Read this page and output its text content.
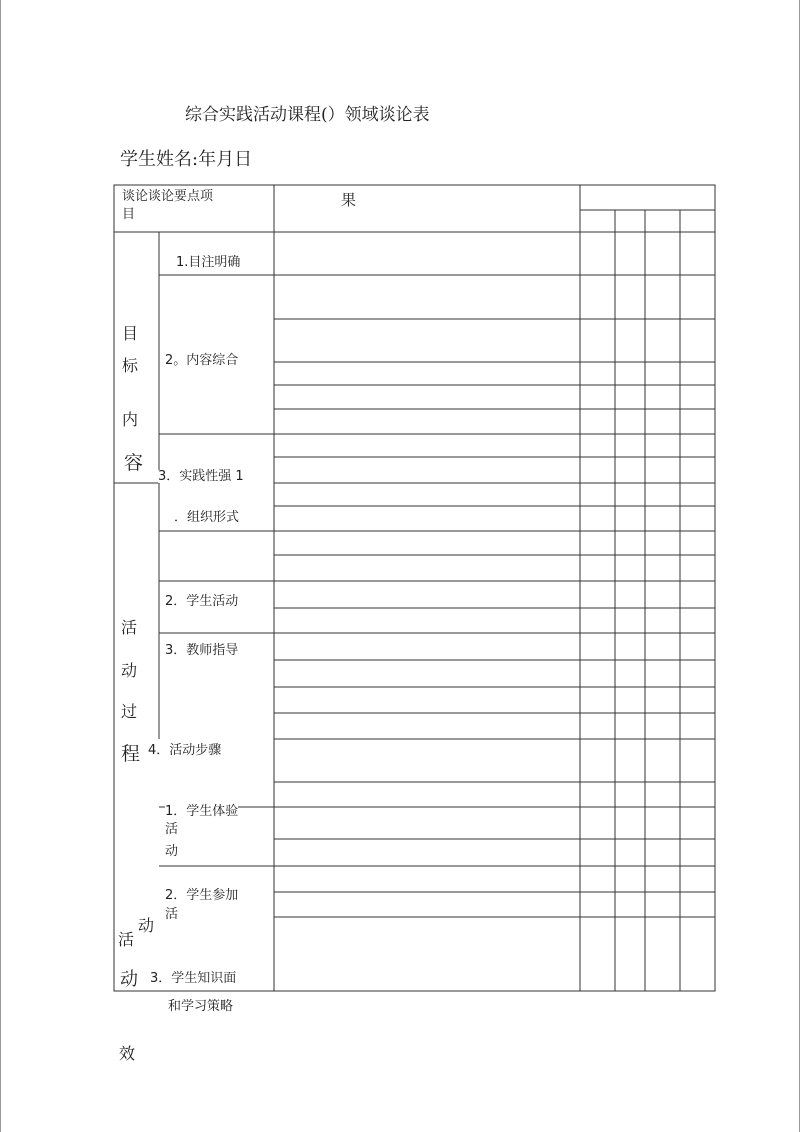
综合实践活动课程(）领域谈论表
学生姓名:年月日
谈论谈论要点项
目
果
目
标
内
容
1.目注明确
2。内容综合
3．实践性强 1
．组织形式
活
动
过
程
2．学生活动
3．教师指导
4．活动步骤
1．学生体验
活
动
2．学生参加
活
动
活
动
效
3．学生知识面
和学习策略
